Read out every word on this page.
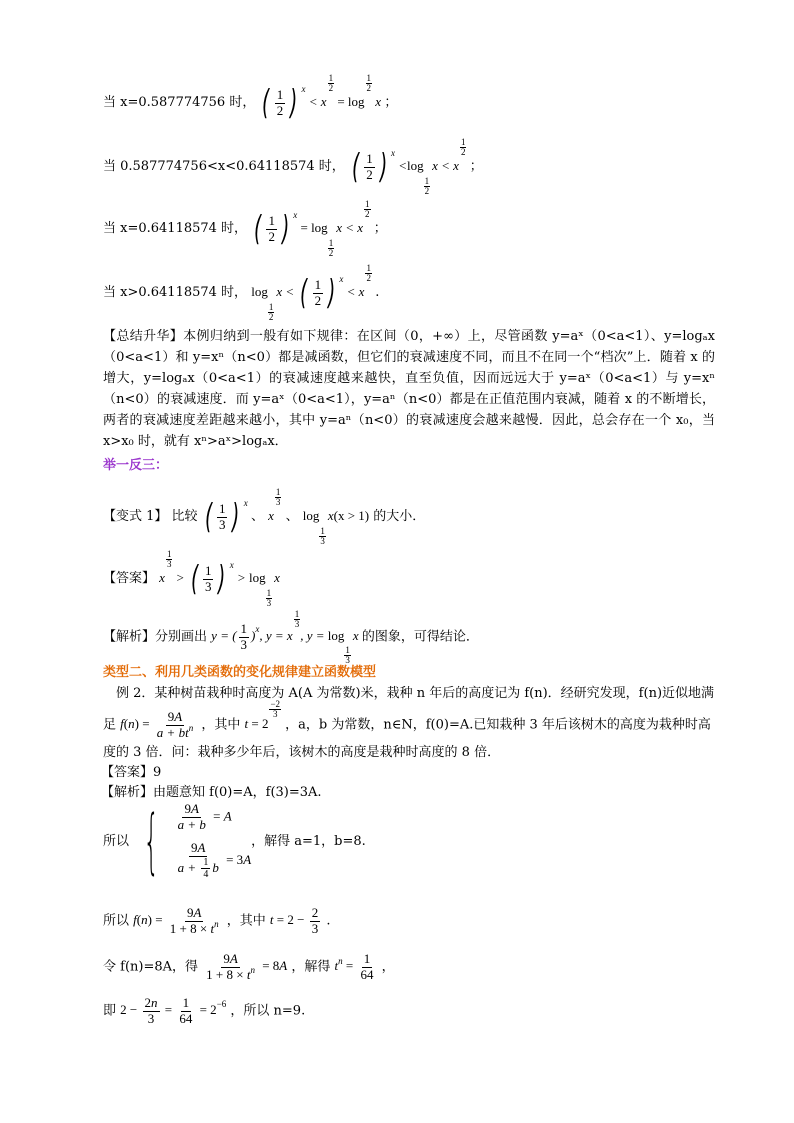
当 x=0.587774756 时， ( $\frac{1}{2}$ ) $^x$ < x
$\frac{1}{2}$
= log
$\frac{1}{2}$
x ；
当 0.587774756<x<0.64118574 时， ( $\frac{1}{2}$ ) $^x$ <log
$\frac{1}{2}$
x < x
$\frac{1}{2}$
；
当 x=0.64118574 时， ( $\frac{1}{2}$ ) $^x$ = log
$\frac{1}{2}$
x < x
$\frac{1}{2}$
；
当 x>0.64118574 时， log
$\frac{1}{2}$
x < ( $\frac{1}{2}$ ) $^x$ < x
$\frac{1}{2}$
.
【总结升华】本例归纳到一般有如下规律：在区间（0，+∞）上，尽管函数 y=aˣ（0<a<1）、y=logₐx（0<a<1）和 y=xⁿ（n<0）都是减函数，但它们的衰减速度不同，而且不在同一个“档次”上．随着 x 的增大，y=logₐx（0<a<1）的衰减速度越来越快，直至负值，因而远远大于 y=aˣ（0<a<1）与 y=xⁿ（n<0）的衰减速度．而 y=aˣ（0<a<1），y=aⁿ（n<0）都是在正值范围内衰减，随着 x 的不断增长，两者的衰减速度差距越来越小，其中 y=aⁿ（n<0）的衰减速度会越来越慢．因此，总会存在一个 x₀，当 x>x₀ 时，就有 xⁿ>aˣ>logₐx．
举一反三：
【变式 1】 比较 ( $\frac{1}{3}$ ) $^x$ 、 x
$\frac{1}{3}$
、 log
$\frac{1}{3}$
x(x > 1) 的大小．
【答案】 x
$\frac{1}{3}$
> ( $\frac{1}{3}$ ) $^x$ > log
$\frac{1}{3}$
x
【解析】分别画出 y = ( $\frac{1}{3} )^x$, y = x
$\frac{1}{3}$
, y = log
$\frac{1}{3}$
x 的图象，可得结论．
类型二、利用几类函数的变化规律建立函数模型
例 2．某种树苗栽种时高度为 A(A 为常数)米，栽种 n 年后的高度记为 f(n)．经研究发现，f(n)近似地满
足 $f(n) = \frac{9A}{a + bt^n}$ ，其中 t = 2
$\frac{-2}{3}$
，a，b 为常数，n∈N，f(0)=A.已知栽种 3 年后该树木的高度为栽种时高
度的 3 倍．问：栽种多少年后，该树木的高度是栽种时高度的 8 倍．
【答案】9
【解析】由题意知 f(0)=A，f(3)=3A.
所以 { $\frac{9A}{a + b} = A$
$\frac{9A}{a + \frac{1}{4} b} = 3A$
，解得 a=1，b=8.
所以 $f(n) = \frac{9A}{1 + 8 \times t^n}$ ，其中 $t = 2 - \frac{2}{3}$ .
令 f(n)=8A，得 $\frac{9A}{1 + 8 \times t^n} = 8A$ ，解得 $t^n = \frac{1}{64}$ ，
即 $2 - \frac{2n}{3} = \frac{1}{64} = 2^{-6}$ ，所以 n=9.
